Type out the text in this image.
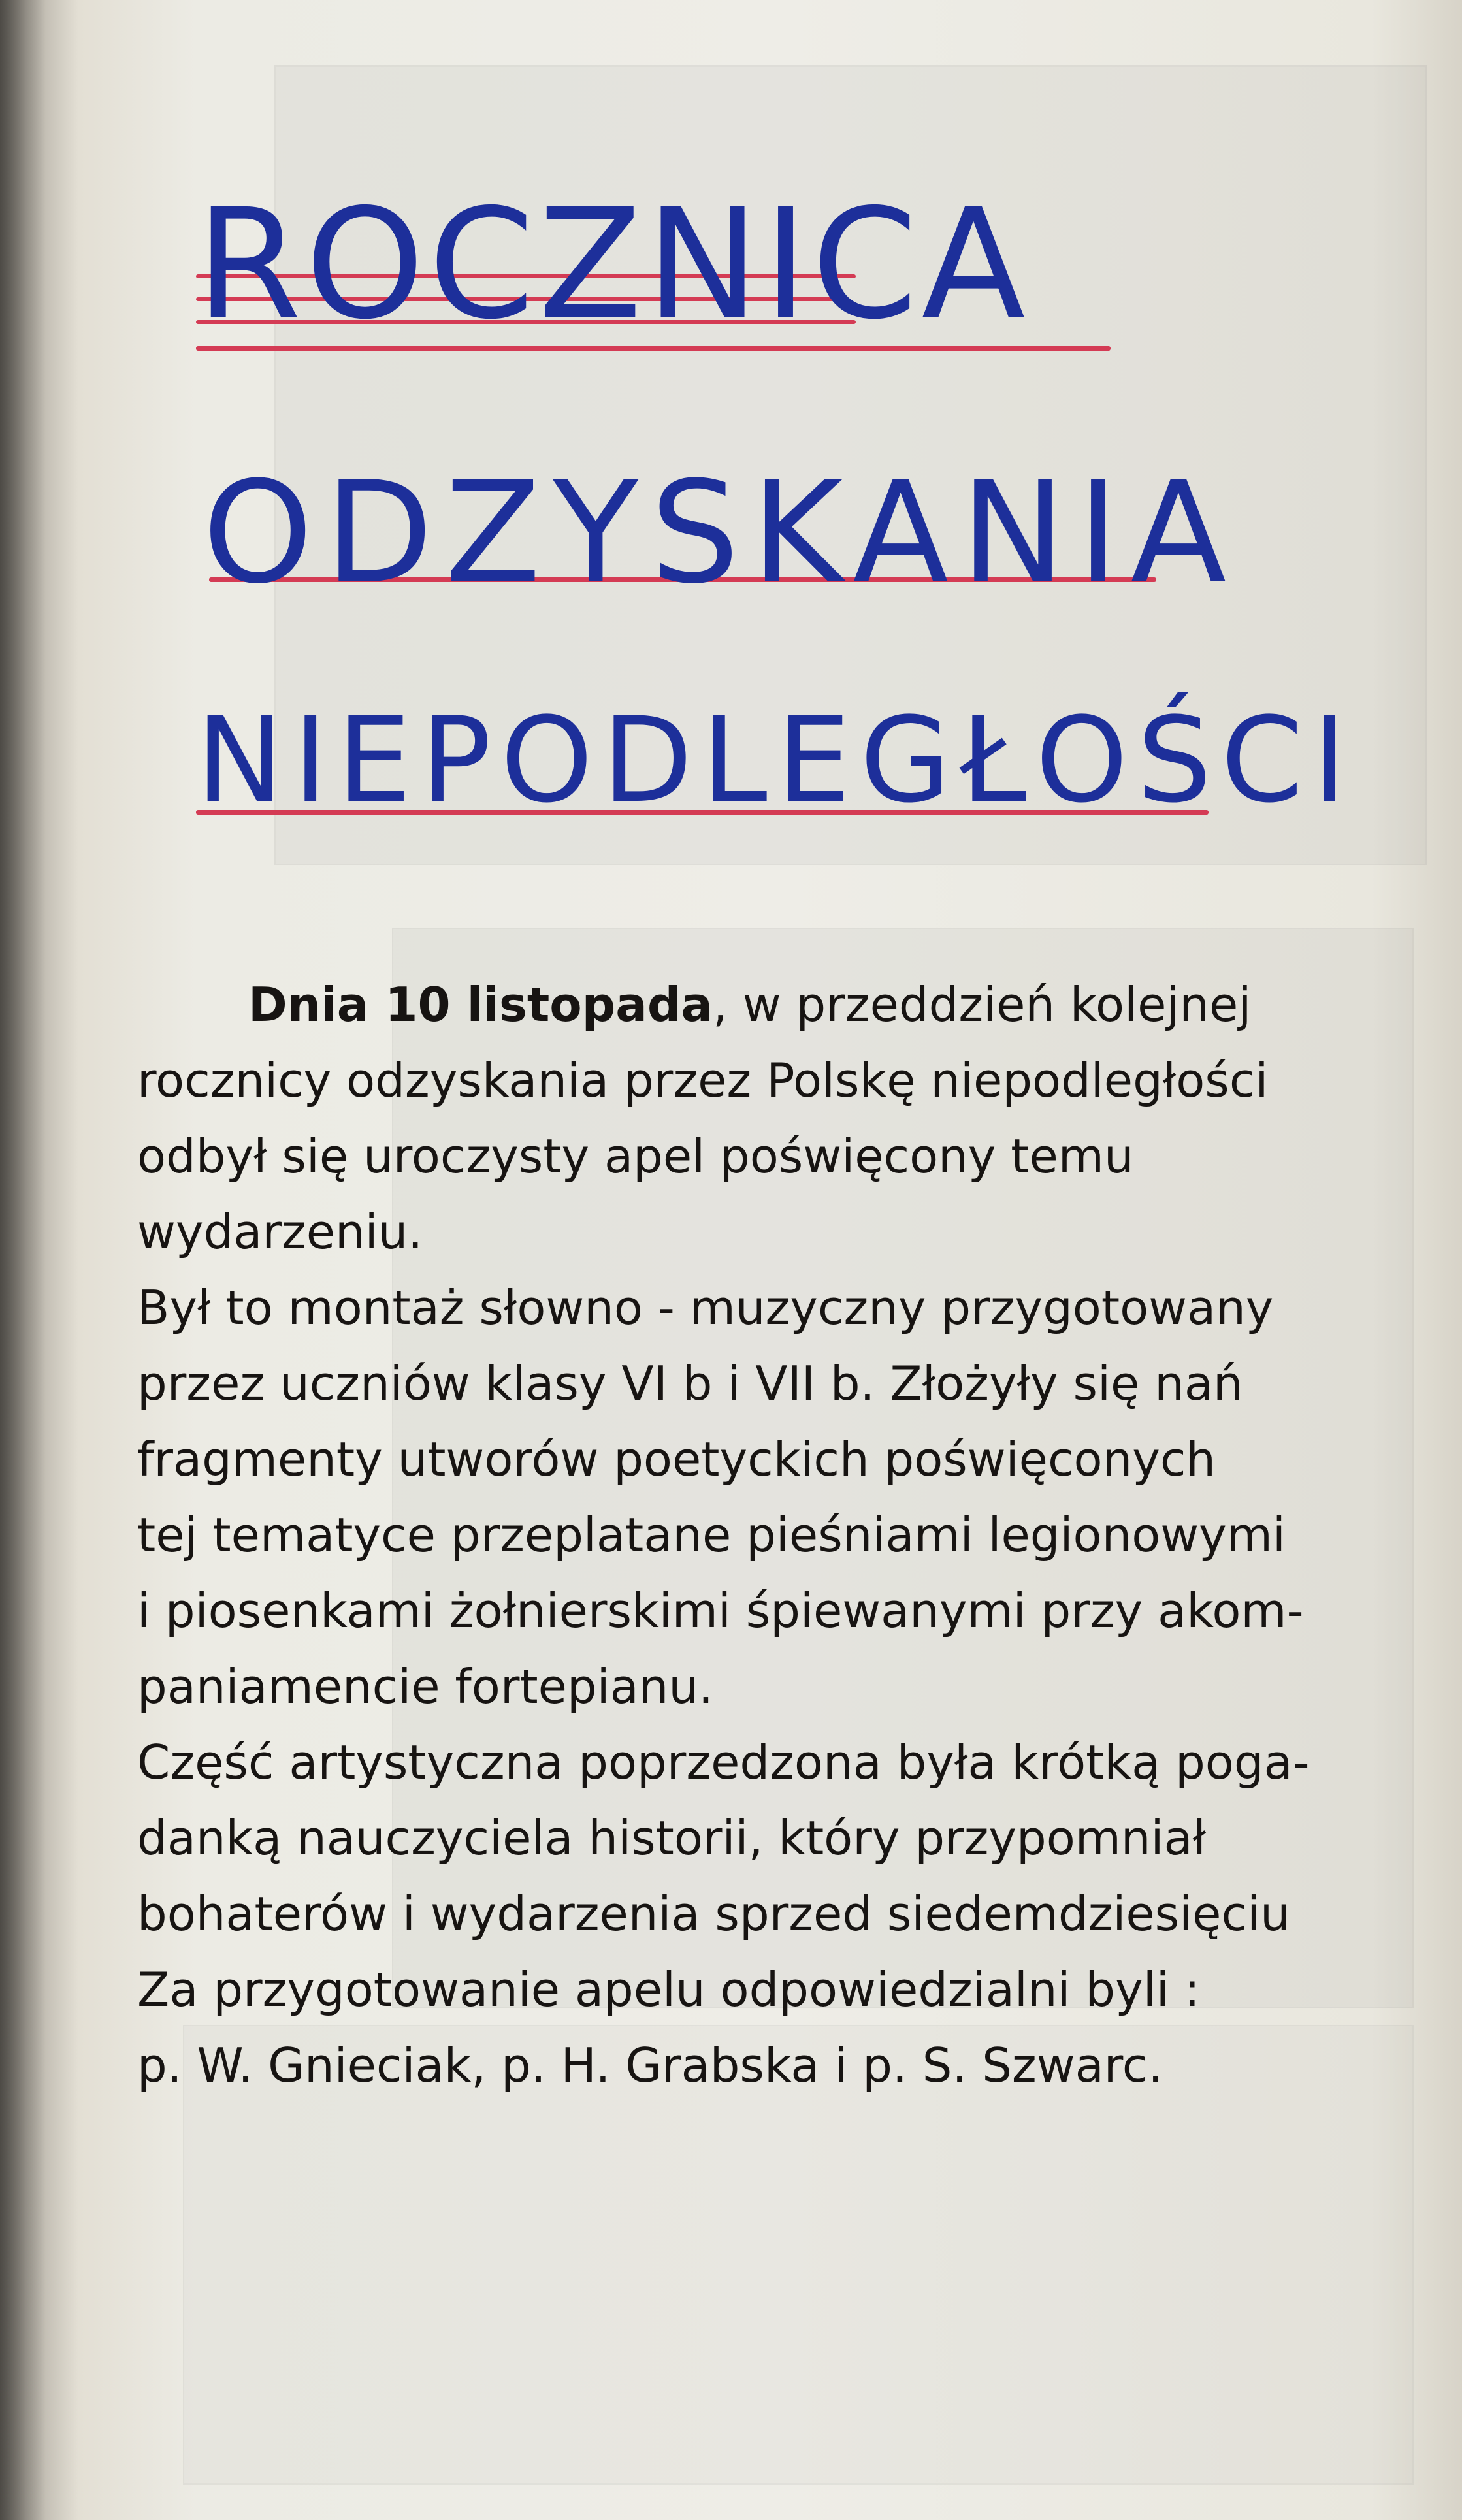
ROCZNICA
ODZYSKANIA
NIEPODLEGŁOŚCI

Dnia 10 listopada, w przeddzień kolejnej

rocznicy odzyskania przez Polskę niepodległości

odbył się uroczysty apel poświęcony temu

wydarzeniu.

Był to montaż słowno - muzyczny przygotowany

przez uczniów klasy VI b i VII b. Złożyły się nań

fragmenty utworów poetyckich poświęconych

tej tematyce przeplatane pieśniami legionowymi

i piosenkami żołnierskimi śpiewanymi przy akom-

paniamencie fortepianu.

Część artystyczna poprzedzona była krótką poga-

danką nauczyciela historii, który przypomniał

bohaterów i wydarzenia sprzed siedemdziesięciu

Za przygotowanie apelu odpowiedzialni byli :

p. W. Gnieciak, p. H. Grabska i p. S. Szwarc.
